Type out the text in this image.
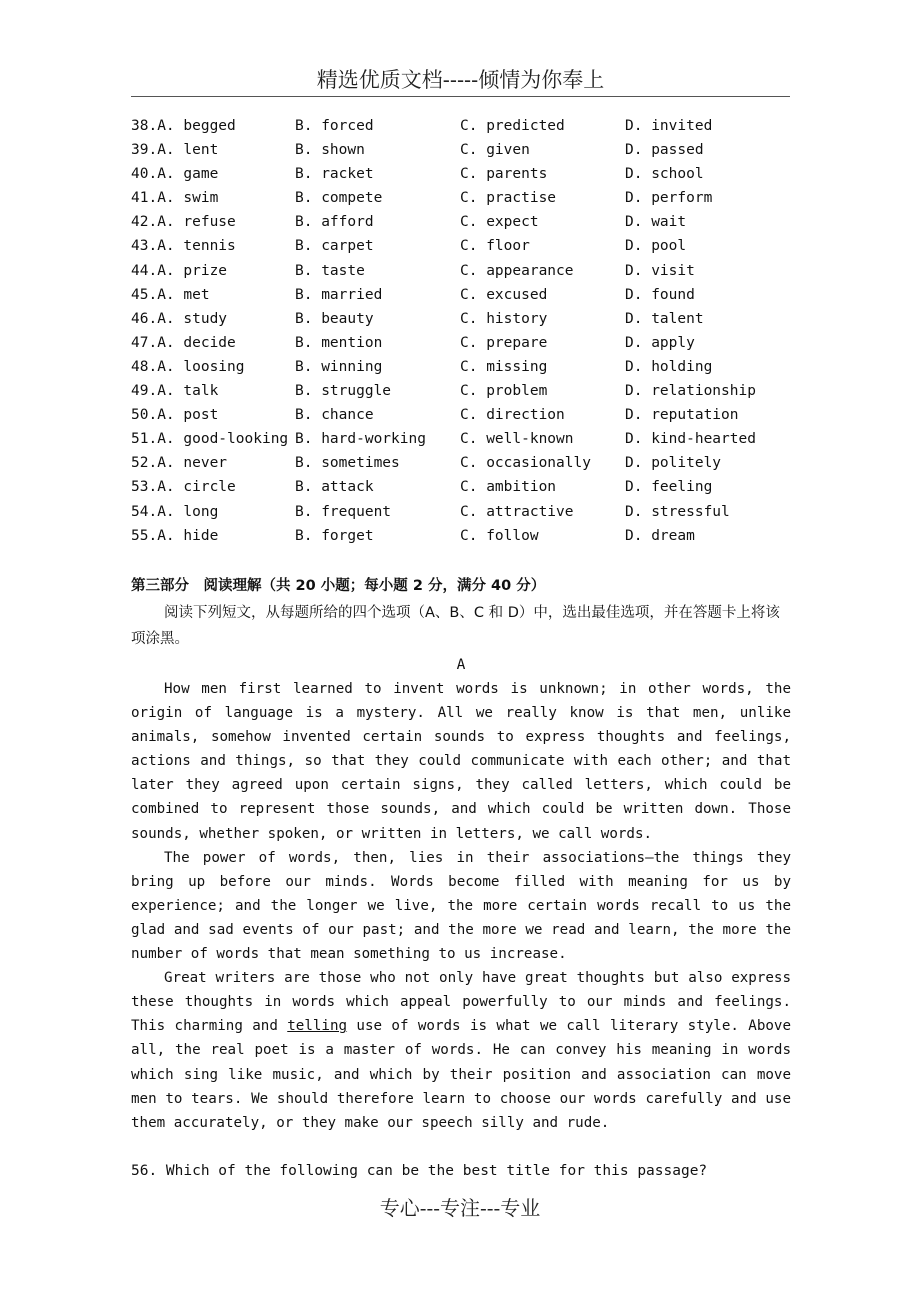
精选优质文档-----倾情为你奉上
38.A. begged	B. forced	C. predicted	D. invited
39.A. lent	B. shown	C. given	D. passed
40.A. game	B. racket	C. parents	D. school
41.A. swim	B. compete	C. practise	D. perform
42.A. refuse	B. afford	C. expect	D. wait
43.A. tennis	B. carpet	C. floor	D. pool
44.A. prize	B. taste	C. appearance	D. visit
45.A. met	B. married	C. excused	D. found
46.A. study	B. beauty	C. history	D. talent
47.A. decide	B. mention	C. prepare	D. apply
48.A. loosing	B. winning	C. missing	D. holding
49.A. talk	B. struggle	C. problem	D. relationship
50.A. post	B. chance	C. direction	D. reputation
51.A. good-looking B. hard-working C. well-known	D. kind-hearted
52.A. never	B. sometimes	C. occasionally D. politely
53.A. circle	B. attack	C. ambition	D. feeling
54.A. long	B. frequent	C. attractive	D. stressful
55.A. hide	B. forget	C. follow	D. dream
第三部分　阅读理解（共 20 小题；每小题 2 分，满分 40 分）
阅读下列短文，从每题所给的四个选项（A、B、C 和 D）中，选出最佳选项，并在答题卡上将该项涂黑。
A

How men first learned to invent words is unknown; in other words, the origin of language is a mystery. All we really know is that men, unlike animals, somehow invented certain sounds to express thoughts and feelings, actions and things, so that they could communicate with each other; and that later they agreed upon certain signs, they called letters, which could be combined to represent those sounds, and which could be written down. Those sounds, whether spoken, or written in letters, we call words.

The power of words, then, lies in their associations—the things they bring up before our minds. Words become filled with meaning for us by experience; and the longer we live, the more certain words recall to us the glad and sad events of our past; and the more we read and learn, the more the number of words that mean something to us increase.

Great writers are those who not only have great thoughts but also express these thoughts in words which appeal powerfully to our minds and feelings. This charming and telling use of words is what we call literary style. Above all, the real poet is a master of words. He can convey his meaning in words which sing like music, and which by their position and association can move men to tears. We should therefore learn to choose our words carefully and use them accurately, or they make our speech silly and rude.

56. Which of the following can be the best title for this passage?
专心---专注---专业
